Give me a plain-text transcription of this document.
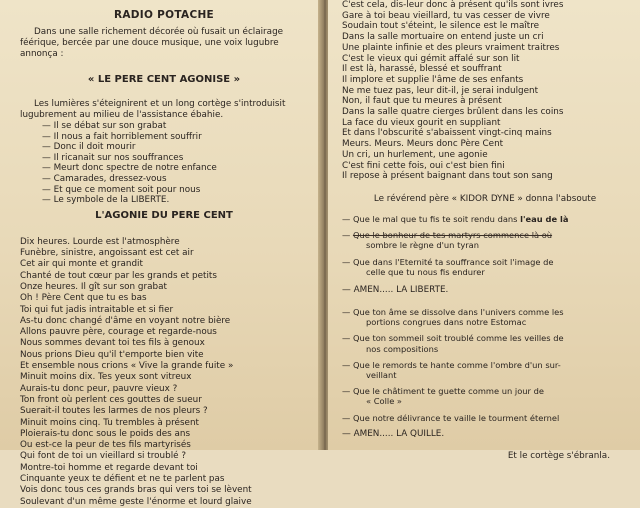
RADIO POTACHE

Dans une salle richement décorée où fusait un éclairage féérique, bercée par une douce musique, une voix lugubre annonça :

« LE PERE CENT AGONISE »

Les lumières s'éteignirent et un long cortège s'introduisit lugubrement au milieu de l'assistance ébahie.

— Il se débat sur son grabat
— Il nous a fait horriblement souffrir
— Donc il doit mourir
— Il ricanait sur nos souffrances
— Meurt donc spectre de notre enfance
— Camarades, dressez-vous
— Et que ce moment soit pour nous
— Le symbole de la LIBERTE.
L'AGONIE DU PERE CENT
Dix heures. Lourde est l'atmosphère
Funèbre, sinistre, angoissant est cet air
Cet air qui monte et grandit
Chanté de tout cœur par les grands et petits
Onze heures. Il gît sur son grabat
Oh ! Père Cent que tu es bas
Toi qui fut jadis intraitable et si fier
As-tu donc changé d'âme en voyant notre bière
Allons pauvre père, courage et regarde-nous
Nous sommes devant toi tes fils à genoux
Nous prions Dieu qu'il t'emporte bien vite
Et ensemble nous crions « Vive la grande fuite »
Minuit moins dix. Tes yeux sont vitreux
Aurais-tu donc peur, pauvre vieux ?
Ton front où perlent ces gouttes de sueur
Suerait-il toutes les larmes de nos pleurs ?
Minuit moins cinq. Tu trembles à présent
Ploierais-tu donc sous le poids des ans
Ou est-ce la peur de tes fils martyrisés
Qui font de toi un vieillard si troublé ?
Montre-toi homme et regarde devant toi
Cinquante yeux te défient et ne te parlent pas
Vois donc tous ces grands bras qui vers toi se lèvent
Soulevant d'un même geste l'énorme et lourd glaive
C'est cela, dis-leur donc à présent qu'ils sont ivres
Gare à toi beau vieillard, tu vas cesser de vivre
Soudain tout s'éteint, le silence est le maître
Dans la salle mortuaire on entend juste un cri
Une plainte infinie et des pleurs vraiment traitres
C'est le vieux qui gémit affalé sur son lit
Il est là, harassé, blessé et souffrant
Il implore et supplie l'âme de ses enfants
Ne me tuez pas, leur dit-il, je serai indulgent
Non, il faut que tu meures à présent
Dans la salle quatre cierges brûlent dans les coins
La face du vieux gourit en suppliant
Et dans l'obscurité s'abaissent vingt-cinq mains
Meurs. Meurs. Meurs donc Père Cent
Un cri, un hurlement, une agonie
C'est fini cette fois, oui c'est bien fini
Il repose à présent baignant dans tout son sang
Le révérend père « KIDOR DYNE » donna l'absoute
— Que le mal que tu fis te soit rendu dans l'eau de là
— Que le bonheur de tes martyrs commence là où
sombre le règne d'un tyran
— Que dans l'Eternité ta souffrance soit l'image de
celle que tu nous fis endurer
— AMEN..... LA LIBERTE.
— Que ton âme se dissolve dans l'univers comme les
portions congrues dans notre Estomac
— Que ton sommeil soit troublé comme les veilles de
nos compositions
— Que le remords te hante comme l'ombre d'un sur-
veillant
— Que le châtiment te guette comme un jour de
« Colle »
— Que notre délivrance te vaille le tourment éternel
— AMEN..... LA QUILLE.
Et le cortège s'ébranla.
